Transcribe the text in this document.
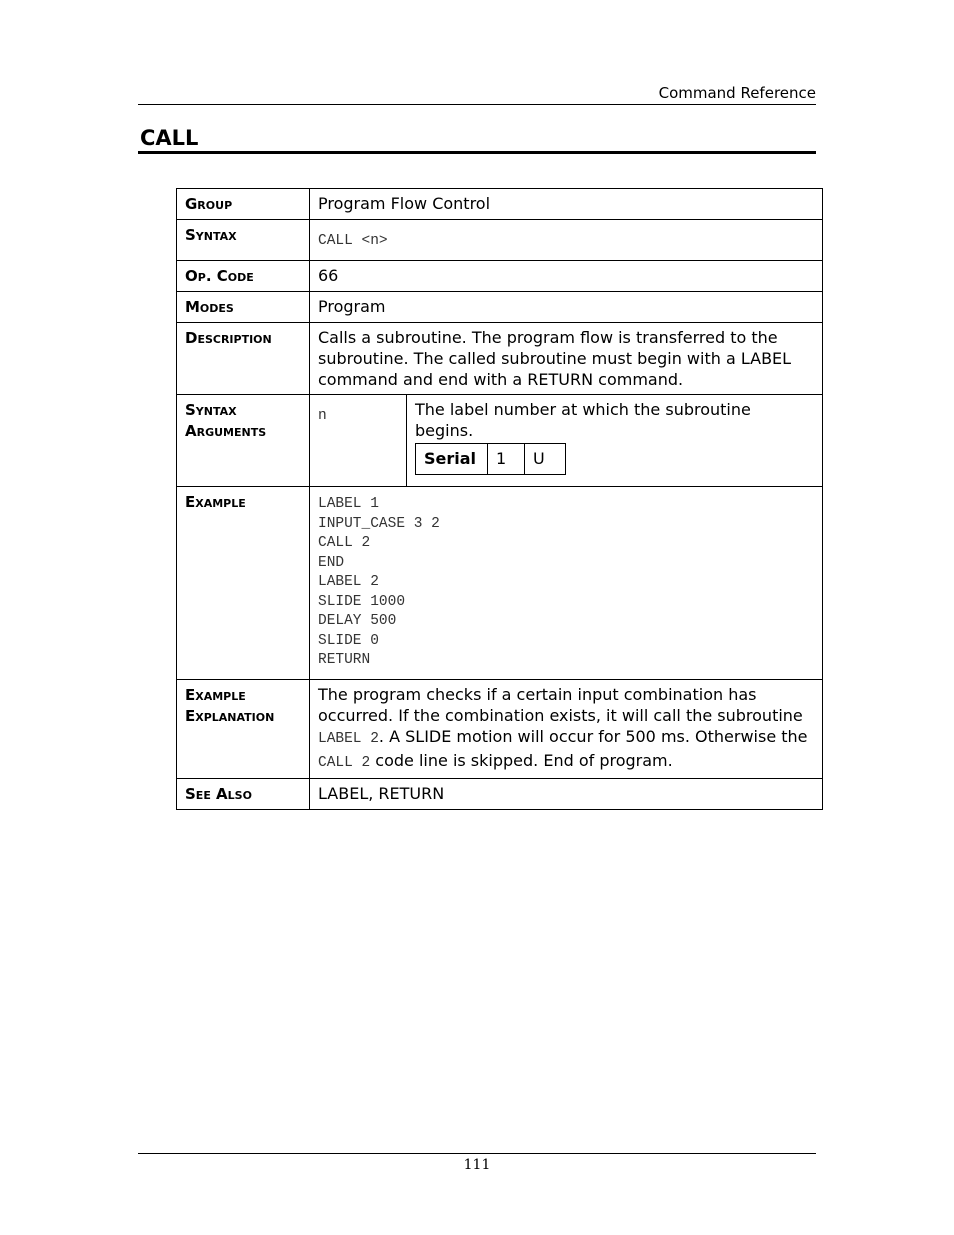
Command Reference
CALL
Group	Program Flow Control
Syntax	CALL <n>
Op. Code	66
Modes	Program
Description	Calls a subroutine. The program flow is transferred to the subroutine. The called subroutine must begin with a LABEL command and end with a RETURN command.
Syntax
Arguments	
n	The label number at which the subroutine begins.
Serial	1	U

Example	LABEL 1
INPUT_CASE 3 2
CALL 2
END
LABEL 2
SLIDE 1000
DELAY 500
SLIDE 0
RETURN

Example
Explanation	The program checks if a certain input combination has occurred. If the combination exists, it will call the subroutine LABEL 2. A SLIDE motion will occur for 500 ms. Otherwise the CALL 2 code line is skipped. End of program.
See Also	LABEL, RETURN
111
